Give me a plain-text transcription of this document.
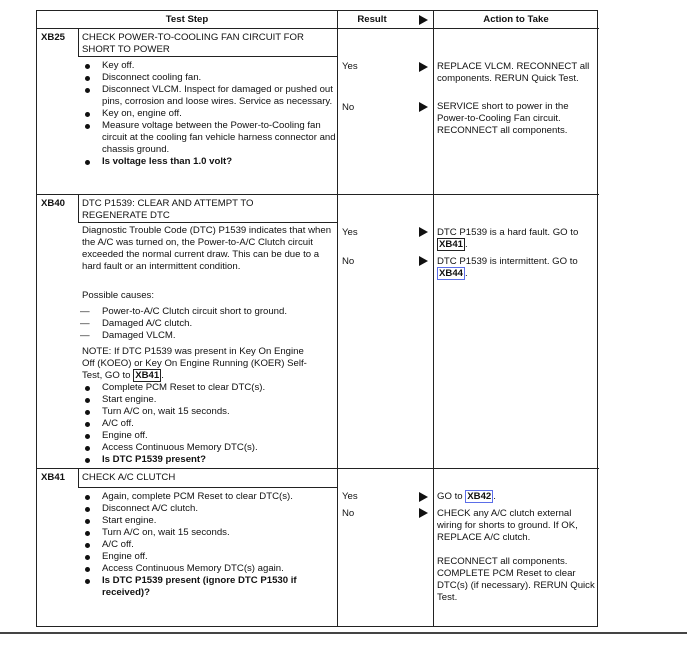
Test Step	Result	Action to Take
XB25 CHECK POWER-TO-COOLING FAN CIRCUIT FOR SHORT TO POWER
Key off.
Disconnect cooling fan.
Disconnect VLCM. Inspect for damaged or pushed out pins, corrosion and loose wires. Service as necessary.
Key on, engine off.
Measure voltage between the Power-to-Cooling fan circuit at the cooling fan vehicle harness connector and chassis ground.
Is voltage less than 1.0 volt?
Yes	REPLACE VLCM. RECONNECT all components. RERUN Quick Test.
No	SERVICE short to power in the Power-to-Cooling Fan circuit. RECONNECT all components.
XB40 DTC P1539: CLEAR AND ATTEMPT TO REGENERATE DTC
Diagnostic Trouble Code (DTC) P1539 indicates that when the A/C was turned on, the Power-to-A/C Clutch circuit exceeded the normal current draw. This can be due to a hard fault or an intermittent condition.
Possible causes:
— Power-to-A/C Clutch circuit short to ground.
— Damaged A/C clutch.
— Damaged VLCM.
NOTE: If DTC P1539 was present in Key On Engine Off (KOEO) or Key On Engine Running (KOER) Self-Test, GO to XB41 .
Complete PCM Reset to clear DTC(s).
Start engine.
Turn A/C on, wait 15 seconds.
A/C off.
Engine off.
Access Continuous Memory DTC(s).
Is DTC P1539 present?
Yes	DTC P1539 is a hard fault. GO to XB41 .
No	DTC P1539 is intermittent. GO to XB44 .
XB41 CHECK A/C CLUTCH
Again, complete PCM Reset to clear DTC(s).
Disconnect A/C clutch.
Start engine.
Turn A/C on, wait 15 seconds.
A/C off.
Engine off.
Access Continuous Memory DTC(s) again.
Is DTC P1539 present (ignore DTC P1530 if received)?
Yes	GO to XB42 .
No	CHECK any A/C clutch external wiring for shorts to ground. If OK, REPLACE A/C clutch.
RECONNECT all components. COMPLETE PCM Reset to clear DTC(s) (if necessary). RERUN Quick Test.
